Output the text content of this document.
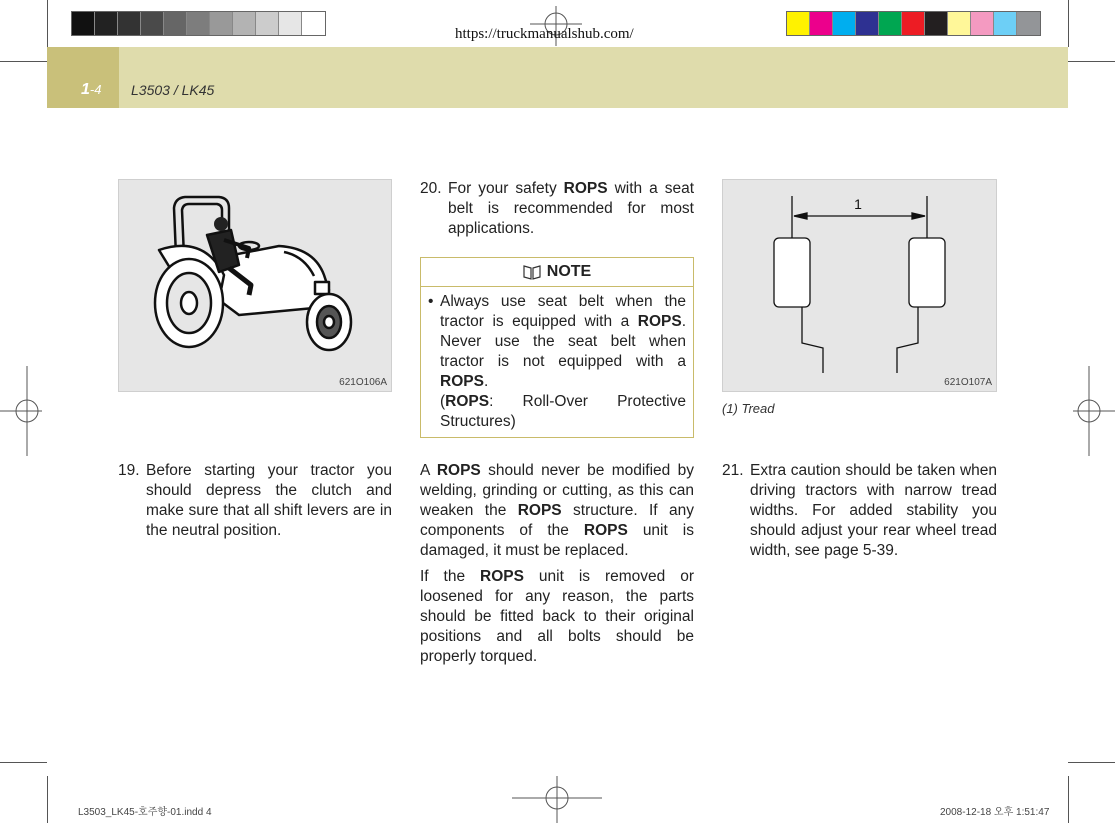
https://truckmanualshub.com/
1-4	L3503 / LK45
621O106A
1
621O107A
(1) Tread
19. Before starting your tractor you should depress the clutch and make sure that all shift levers are in the neutral position.
20. For your safety ROPS with a seat belt is recommended for most applications.
NOTE
• Always use seat belt when the tractor is equipped with a ROPS. Never use the seat belt when tractor is not equipped with a ROPS.
(ROPS: Roll-Over Protective Structures)
A ROPS should never be modified by welding, grinding or cutting, as this can weaken the ROPS structure. If any components of the ROPS unit is damaged, it must be replaced.
If the ROPS unit is removed or loosened for any reason, the parts should be fitted back to their original positions and all bolts should be properly torqued.
21. Extra caution should be taken when driving tractors with narrow tread widths. For added stability you should adjust your rear wheel tread width, see page 5-39.
L3503_LK45-호주향-01.indd 4	2008-12-18 오후 1:51:47
